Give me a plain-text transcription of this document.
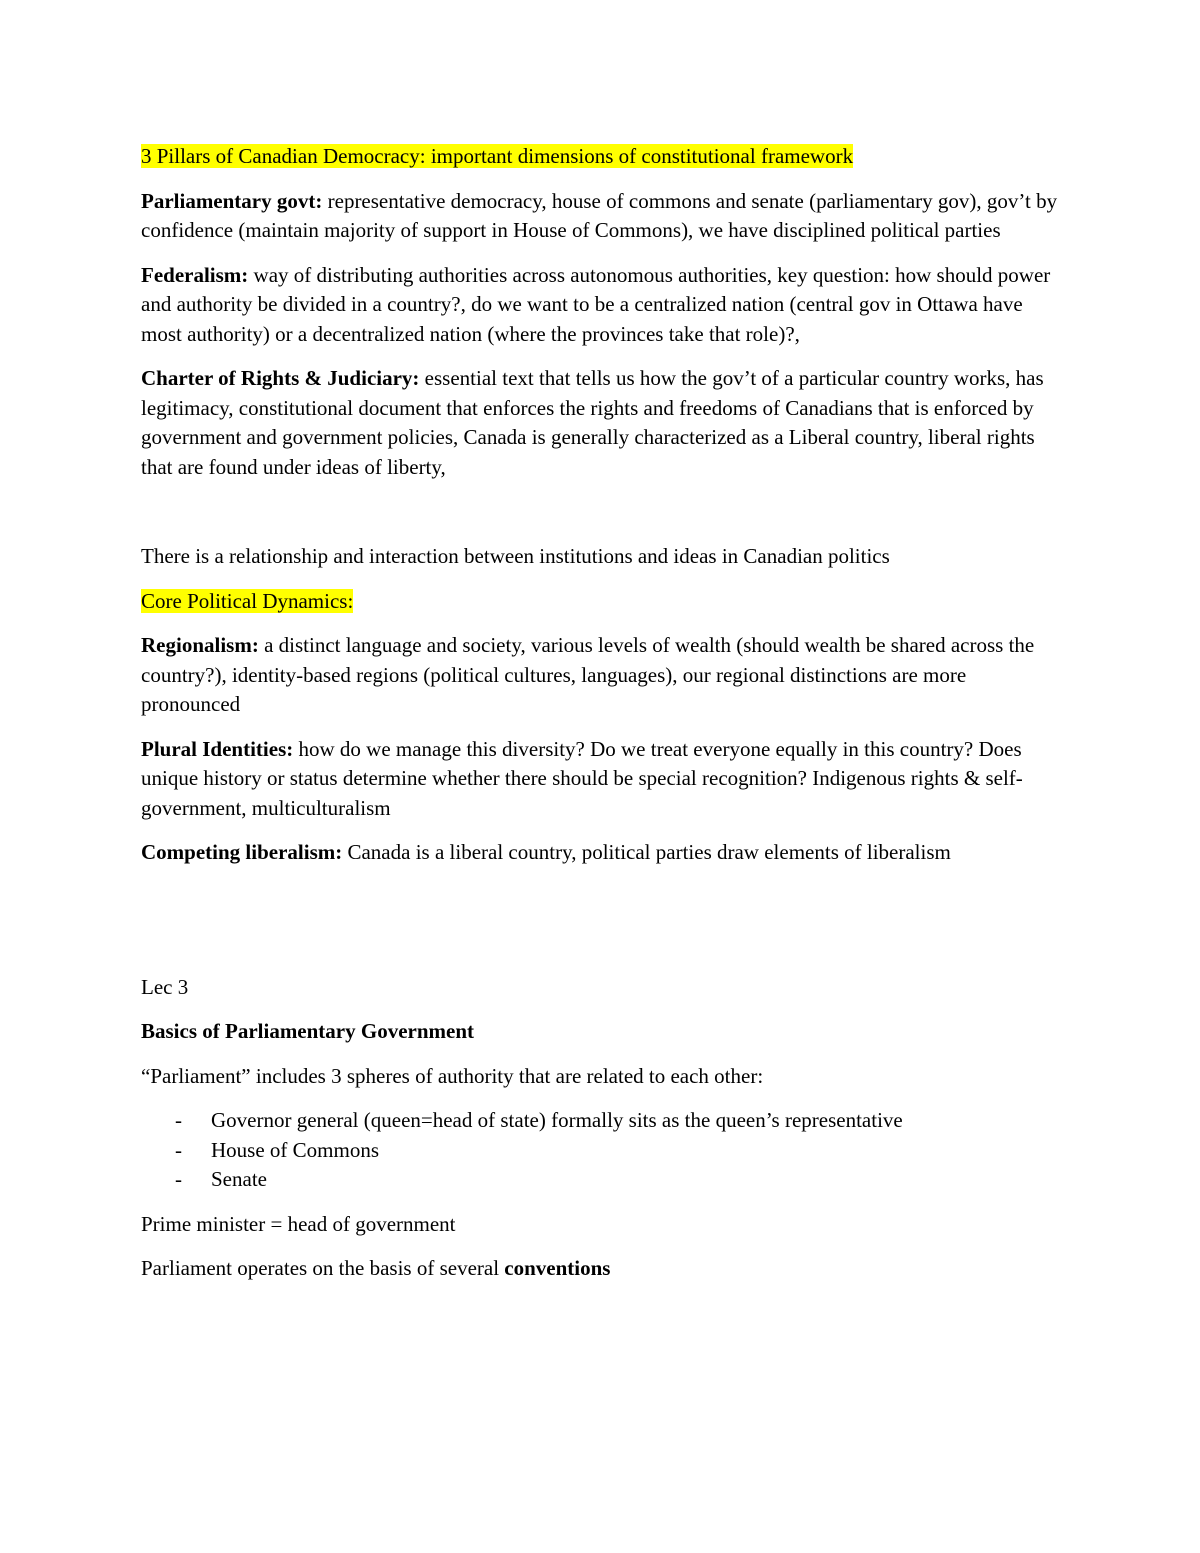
3 Pillars of Canadian Democracy: important dimensions of constitutional framework

Parliamentary govt: representative democracy, house of commons and senate (parliamentary gov), gov’t by confidence (maintain majority of support in House of Commons), we have disciplined political parties

Federalism: way of distributing authorities across autonomous authorities, key question: how should power and authority be divided in a country?, do we want to be a centralized nation (central gov in Ottawa have most authority) or a decentralized nation (where the provinces take that role)?,

Charter of Rights & Judiciary: essential text that tells us how the gov’t of a particular country works, has legitimacy, constitutional document that enforces the rights and freedoms of Canadians that is enforced by government and government policies, Canada is generally characterized as a Liberal country, liberal rights that are found under ideas of liberty,

There is a relationship and interaction between institutions and ideas in Canadian politics

Core Political Dynamics:

Regionalism: a distinct language and society, various levels of wealth (should wealth be shared across the country?), identity-based regions (political cultures, languages), our regional distinctions are more pronounced

Plural Identities: how do we manage this diversity? Do we treat everyone equally in this country? Does unique history or status determine whether there should be special recognition? Indigenous rights & self-government, multiculturalism

Competing liberalism: Canada is a liberal country, political parties draw elements of liberalism

Lec 3

Basics of Parliamentary Government

“Parliament” includes 3 spheres of authority that are related to each other:

- Governor general (queen=head of state) formally sits as the queen’s representative
- House of Commons
- Senate

Prime minister = head of government

Parliament operates on the basis of several conventions
